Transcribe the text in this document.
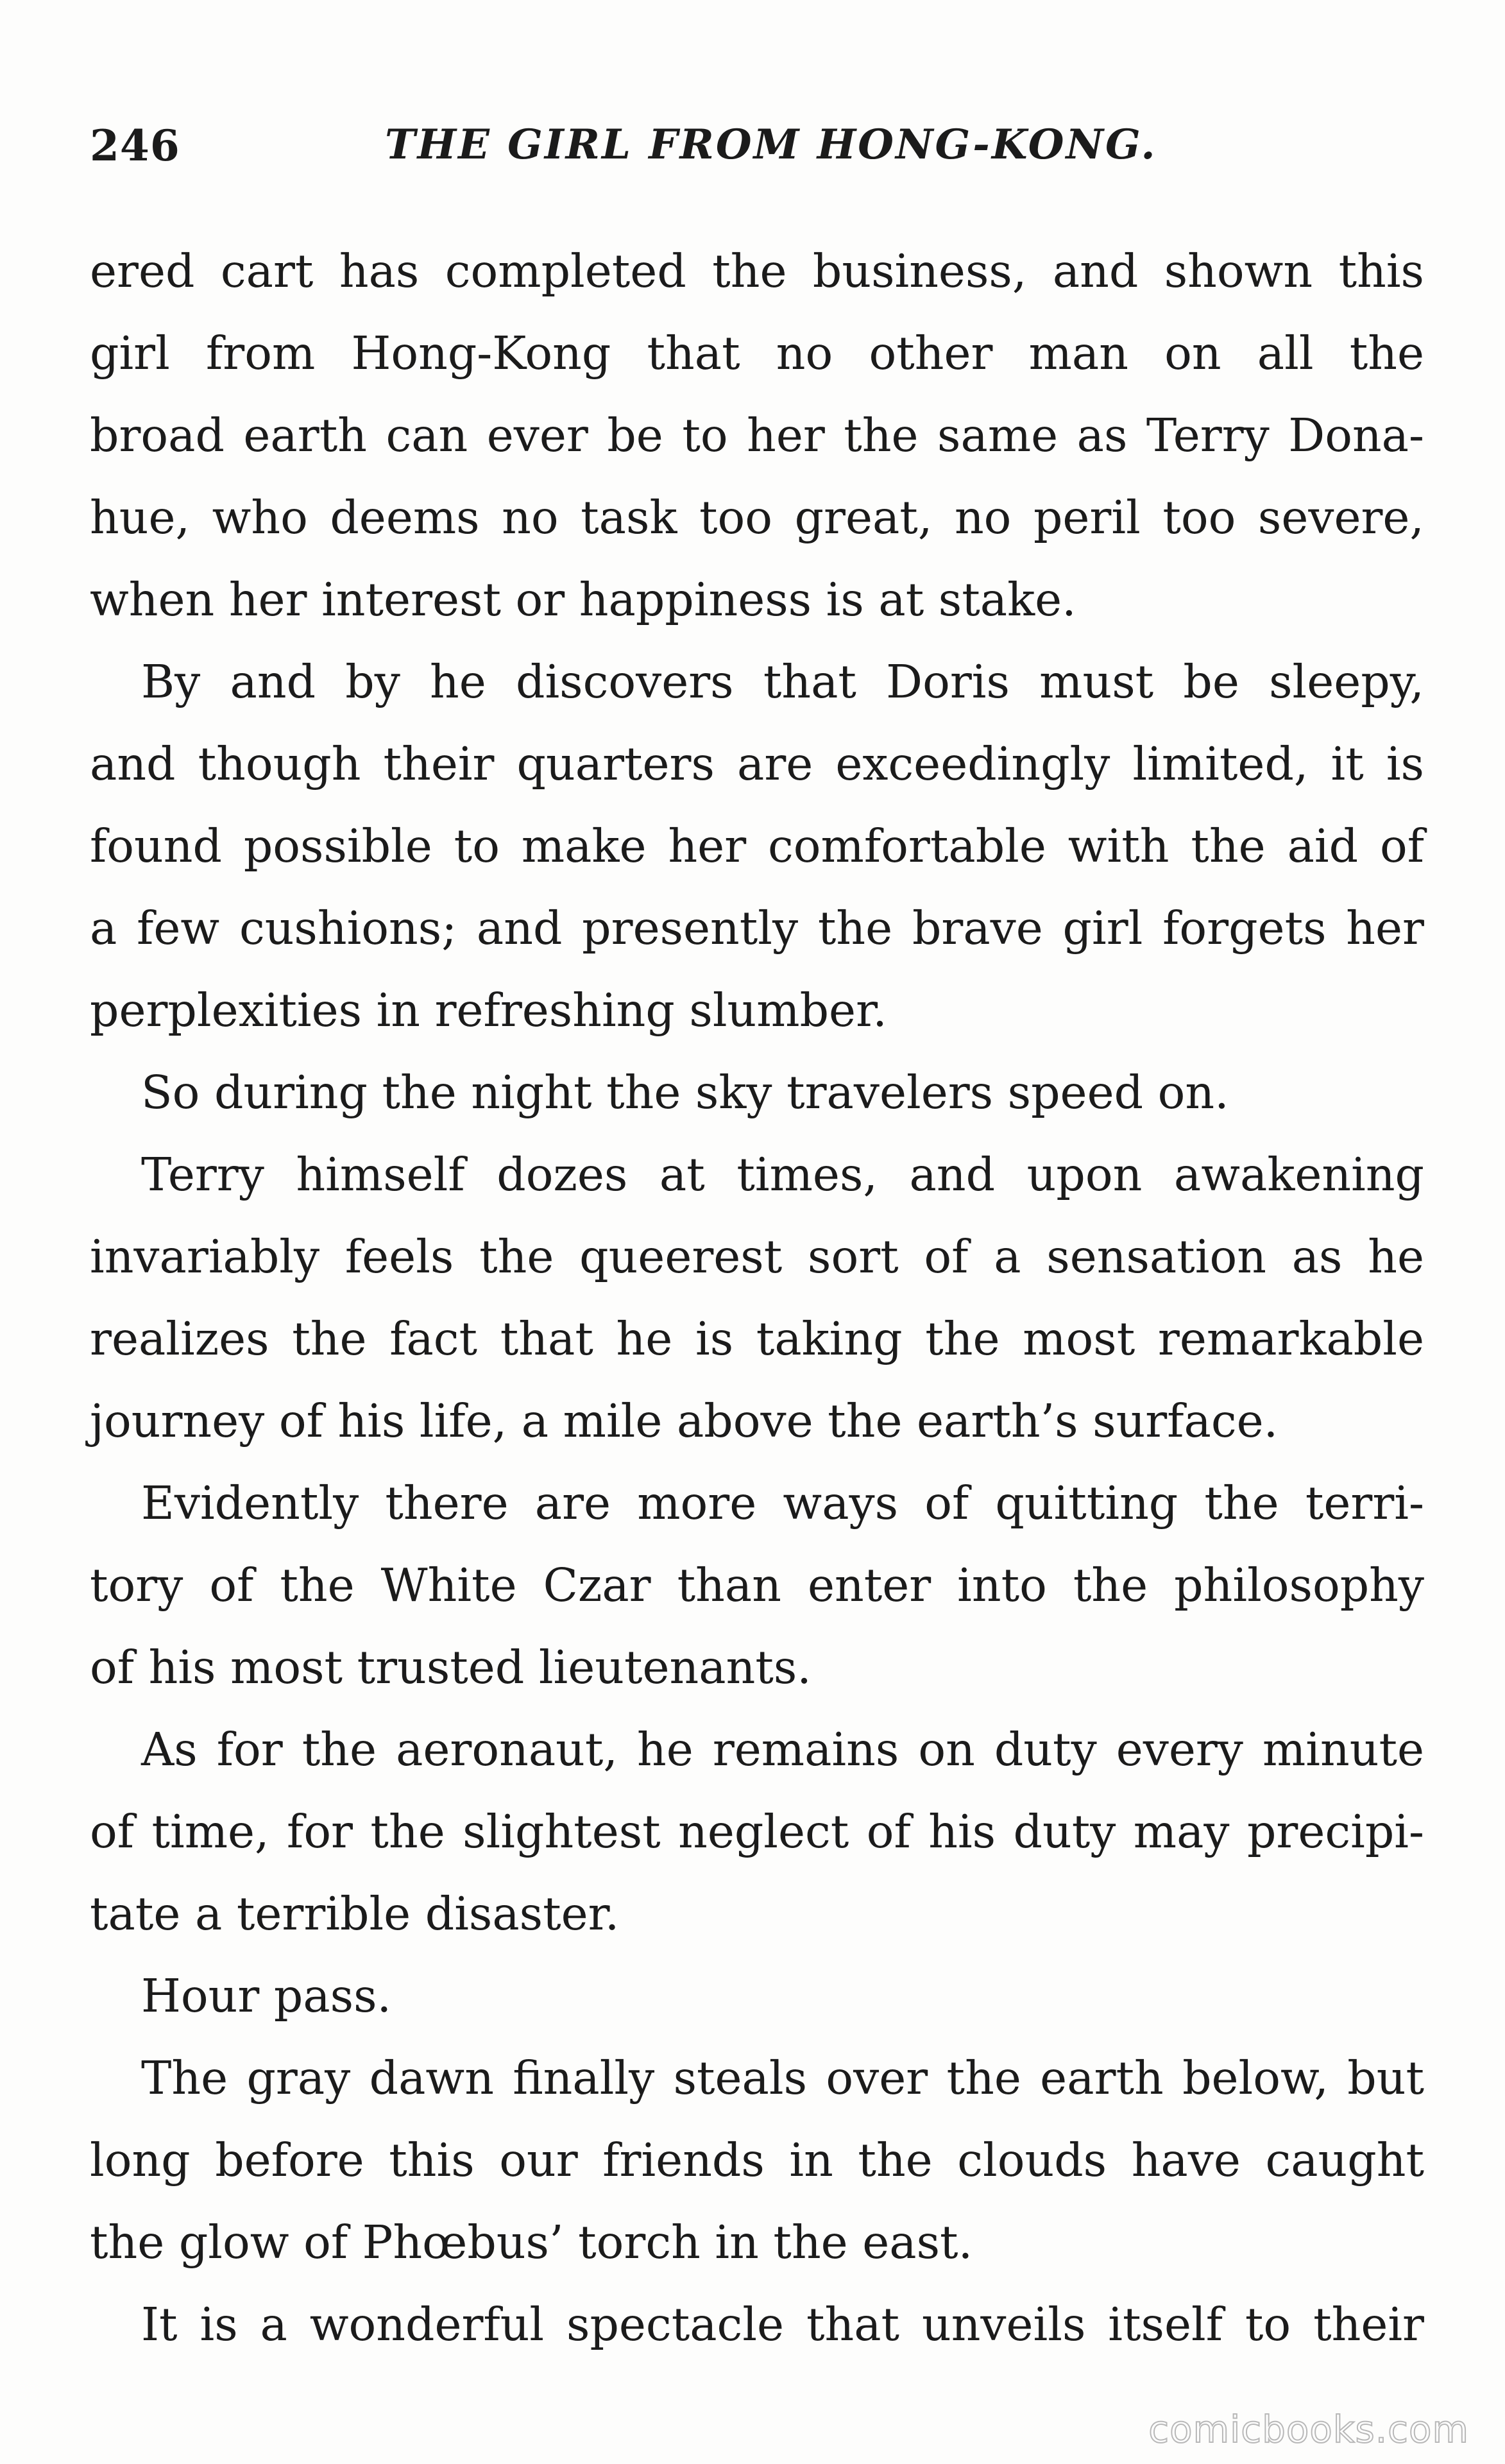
246	THE GIRL FROM HONG-KONG.
ered cart has completed the business, and shown this
girl from Hong-Kong that no other man on all the
broad earth can ever be to her the same as Terry Dona-
hue, who deems no task too great, no peril too severe,
when her interest or happiness is at stake.
By and by he discovers that Doris must be sleepy,
and though their quarters are exceedingly limited, it is
found possible to make her comfortable with the aid of
a few cushions; and presently the brave girl forgets her
perplexities in refreshing slumber.
So during the night the sky travelers speed on.
Terry himself dozes at times, and upon awakening
invariably feels the queerest sort of a sensation as he
realizes the fact that he is taking the most remarkable
journey of his life, a mile above the earth’s surface.
Evidently there are more ways of quitting the terri-
tory of the White Czar than enter into the philosophy
of his most trusted lieutenants.
As for the aeronaut, he remains on duty every minute
of time, for the slightest neglect of his duty may precipi-
tate a terrible disaster.
Hour pass.
The gray dawn finally steals over the earth below, but
long before this our friends in the clouds have caught
the glow of Phœbus’ torch in the east.
It is a wonderful spectacle that unveils itself to their
comicbooks.com
